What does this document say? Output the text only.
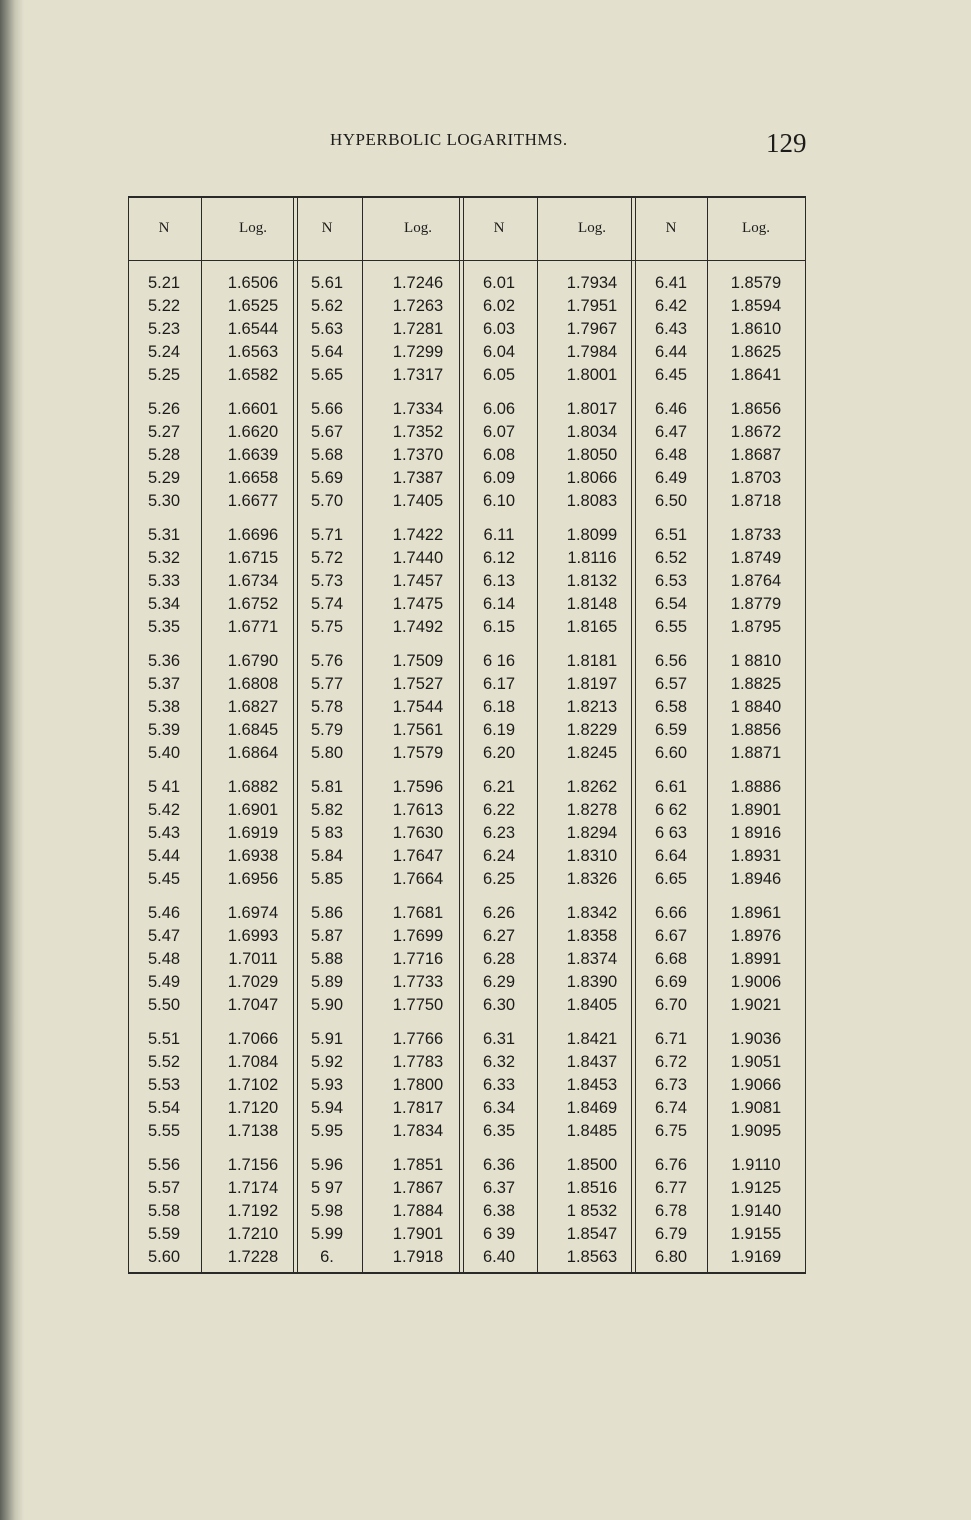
HYPERBOLIC LOGARITHMS.	129
N	Log.	N	Log.	N	Log.	N	Log.
5.21	1.6506	5.61	1.7246	6.01	1.7934	6.41	1.8579
5.22	1.6525	5.62	1.7263	6.02	1.7951	6.42	1.8594
5.23	1.6544	5.63	1.7281	6.03	1.7967	6.43	1.8610
5.24	1.6563	5.64	1.7299	6.04	1.7984	6.44	1.8625
5.25	1.6582	5.65	1.7317	6.05	1.8001	6.45	1.8641
5.26	1.6601	5.66	1.7334	6.06	1.8017	6.46	1.8656
5.27	1.6620	5.67	1.7352	6.07	1.8034	6.47	1.8672
5.28	1.6639	5.68	1.7370	6.08	1.8050	6.48	1.8687
5.29	1.6658	5.69	1.7387	6.09	1.8066	6.49	1.8703
5.30	1.6677	5.70	1.7405	6.10	1.8083	6.50	1.8718
5.31	1.6696	5.71	1.7422	6.11	1.8099	6.51	1.8733
5.32	1.6715	5.72	1.7440	6.12	1.8116	6.52	1.8749
5.33	1.6734	5.73	1.7457	6.13	1.8132	6.53	1.8764
5.34	1.6752	5.74	1.7475	6.14	1.8148	6.54	1.8779
5.35	1.6771	5.75	1.7492	6.15	1.8165	6.55	1.8795
5.36	1.6790	5.76	1.7509	6 16	1.8181	6.56	1 8810
5.37	1.6808	5.77	1.7527	6.17	1.8197	6.57	1.8825
5.38	1.6827	5.78	1.7544	6.18	1.8213	6.58	1 8840
5.39	1.6845	5.79	1.7561	6.19	1.8229	6.59	1.8856
5.40	1.6864	5.80	1.7579	6.20	1.8245	6.60	1.8871
5 41	1.6882	5.81	1.7596	6.21	1.8262	6.61	1.8886
5.42	1.6901	5.82	1.7613	6.22	1.8278	6 62	1.8901
5.43	1.6919	5 83	1.7630	6.23	1.8294	6 63	1 8916
5.44	1.6938	5.84	1.7647	6.24	1.8310	6.64	1.8931
5.45	1.6956	5.85	1.7664	6.25	1.8326	6.65	1.8946
5.46	1.6974	5.86	1.7681	6.26	1.8342	6.66	1.8961
5.47	1.6993	5.87	1.7699	6.27	1.8358	6.67	1.8976
5.48	1.7011	5.88	1.7716	6.28	1.8374	6.68	1.8991
5.49	1.7029	5.89	1.7733	6.29	1.8390	6.69	1.9006
5.50	1.7047	5.90	1.7750	6.30	1.8405	6.70	1.9021
5.51	1.7066	5.91	1.7766	6.31	1.8421	6.71	1.9036
5.52	1.7084	5.92	1.7783	6.32	1.8437	6.72	1.9051
5.53	1.7102	5.93	1.7800	6.33	1.8453	6.73	1.9066
5.54	1.7120	5.94	1.7817	6.34	1.8469	6.74	1.9081
5.55	1.7138	5.95	1.7834	6.35	1.8485	6.75	1.9095
5.56	1.7156	5.96	1.7851	6.36	1.8500	6.76	1.9110
5.57	1.7174	5 97	1.7867	6.37	1.8516	6.77	1.9125
5.58	1.7192	5.98	1.7884	6.38	1 8532	6.78	1.9140
5.59	1.7210	5.99	1.7901	6 39	1.8547	6.79	1.9155
5.60	1.7228	6.	1.7918	6.40	1.8563	6.80	1.9169
